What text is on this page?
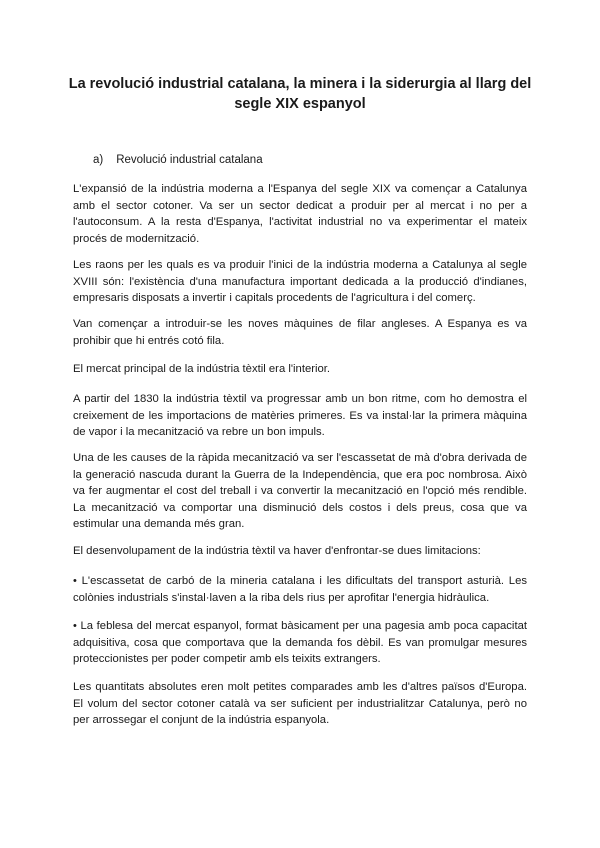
La revolució industrial catalana, la minera i la siderurgia al llarg del segle XIX espanyol

a) Revolució industrial catalana

L'expansió de la indústria moderna a l'Espanya del segle XIX va començar a Catalunya amb el sector cotoner. Va ser un sector dedicat a produir per al mercat i no per a l'autoconsum. A la resta d'Espanya, l'activitat industrial no va experimentar el mateix procés de modernització.

Les raons per les quals es va produir l'inici de la indústria moderna a Catalunya al segle XVIII són: l'existència d'una manufactura important dedicada a la producció d'indianes, empresaris disposats a invertir i capitals procedents de l'agricultura i del comerç.

Van començar a introduir-se les noves màquines de filar angleses. A Espanya es va prohibir que hi entrés cotó fila.

El mercat principal de la indústria tèxtil era l'interior.

A partir del 1830 la indústria tèxtil va progressar amb un bon ritme, com ho demostra el creixement de les importacions de matèries primeres. Es va instal·lar la primera màquina de vapor i la mecanització va rebre un bon impuls.

Una de les causes de la ràpida mecanització va ser l'escassetat de mà d'obra derivada de la generació nascuda durant la Guerra de la Independència, que era poc nombrosa. Això va fer augmentar el cost del treball i va convertir la mecanització en l'opció més rendible. La mecanització va comportar una disminució dels costos i dels preus, cosa que va estimular una demanda més gran.

El desenvolupament de la indústria tèxtil va haver d'enfrontar-se dues limitacions:

• L'escassetat de carbó de la mineria catalana i les dificultats del transport asturià. Les colònies industrials s'instal·laven a la riba dels rius per aprofitar l'energia hidràulica.

• La feblesa del mercat espanyol, format bàsicament per una pagesia amb poca capacitat adquisitiva, cosa que comportava que la demanda fos dèbil. Es van promulgar mesures proteccionistes per poder competir amb els teixits extrangers.

Les quantitats absolutes eren molt petites comparades amb les d'altres països d'Europa. El volum del sector cotoner català va ser suficient per industrialitzar Catalunya, però no per arrossegar el conjunt de la indústria espanyola.
